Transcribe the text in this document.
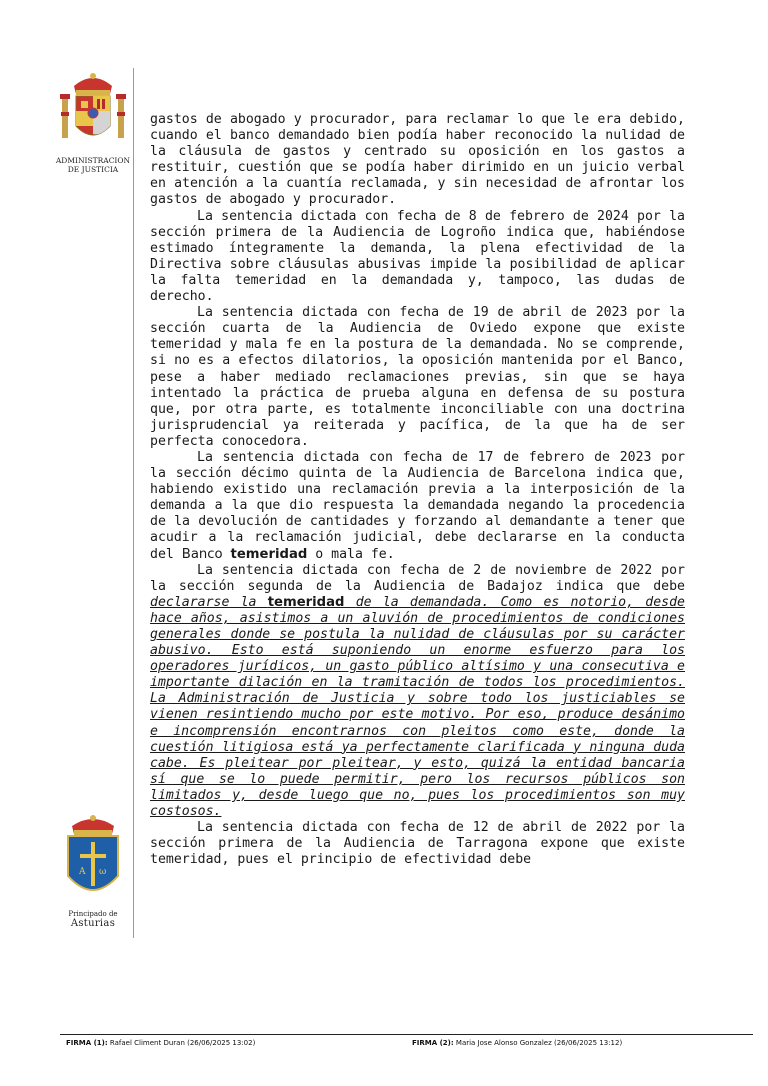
ADMINISTRACION
DE JUSTICIA
A ω
Principado de
Asturias

gastos de abogado y procurador, para reclamar lo que le era debido, cuando el banco demandado bien podía haber reconocido la nulidad de la cláusula de gastos y centrado su oposición en los gastos a restituir, cuestión que se podía haber dirimido en un juicio verbal en atención a la cuantía reclamada, y sin necesidad de afrontar los gastos de abogado y procurador.

La sentencia dictada con fecha de 8 de febrero de 2024 por la sección primera de la Audiencia de Logroño indica que, habiéndose estimado íntegramente la demanda, la plena efectividad de la Directiva sobre cláusulas abusivas impide la posibilidad de aplicar la falta temeridad en la demandada y, tampoco, las dudas de derecho.

La sentencia dictada con fecha de 19 de abril de 2023 por la sección cuarta de la Audiencia de Oviedo expone que existe temeridad y mala fe en la postura de la demandada. No se comprende, si no es a efectos dilatorios, la oposición mantenida por el Banco, pese a haber mediado reclamaciones previas, sin que se haya intentado la práctica de prueba alguna en defensa de su postura que, por otra parte, es totalmente inconciliable con una doctrina jurisprudencial ya reiterada y pacífica, de la que ha de ser perfecta conocedora.

La sentencia dictada con fecha de 17 de febrero de 2023 por la sección décimo quinta de la Audiencia de Barcelona indica que, habiendo existido una reclamación previa a la interposición de la demanda a la que dio respuesta la demandada negando la procedencia de la devolución de cantidades y forzando al demandante a tener que acudir a la reclamación judicial, debe declararse en la conducta del Banco temeridad o mala fe.

La sentencia dictada con fecha de 2 de noviembre de 2022 por la sección segunda de la Audiencia de Badajoz indica que debe declararse la temeridad de la demandada. Como es notorio, desde hace años, asistimos a un aluvión de procedimientos de condiciones generales donde se postula la nulidad de cláusulas por su carácter abusivo. Esto está suponiendo un enorme esfuerzo para los operadores jurídicos, un gasto público altísimo y una consecutiva e importante dilación en la tramitación de todos los procedimientos. La Administración de Justicia y sobre todo los justiciables se vienen resintiendo mucho por este motivo. Por eso, produce desánimo e incomprensión encontrarnos con pleitos como este, donde la cuestión litigiosa está ya perfectamente clarificada y ninguna duda cabe. Es pleitear por pleitear, y esto, quizá la entidad bancaria sí que se lo puede permitir, pero los recursos públicos son limitados y, desde luego que no, pues los procedimientos son muy costosos.

La sentencia dictada con fecha de 12 de abril de 2022 por la sección primera de la Audiencia de Tarragona expone que existe temeridad, pues el principio de efectividad debe

FIRMA (1): Rafael Climent Duran (26/06/2025 13:02)	FIRMA (2): Maria Jose Alonso Gonzalez (26/06/2025 13:12)
